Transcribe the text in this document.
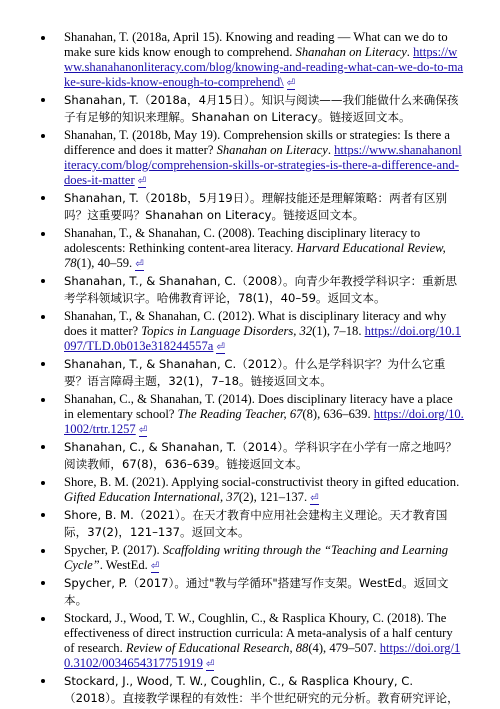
Shanahan, T. (2018a, April 15). Knowing and reading — What can we do to make sure kids know enough to comprehend. Shanahan on Literacy. https://www.shanahanonliteracy.com/blog/knowing-and-reading-what-can-we-do-to-make-sure-kids-know-enough-to-comprehend\ ⏎
Shanahan, T.（2018a，4月15日）。知识与阅读——我们能做什么来确保孩子有足够的知识来理解。Shanahan on Literacy。链接返回文本。
Shanahan, T. (2018b, May 19). Comprehension skills or strategies: Is there a difference and does it matter? Shanahan on Literacy. https://www.shanahanonliteracy.com/blog/comprehension-skills-or-strategies-is-there-a-difference-and-does-it-matter ⏎
Shanahan, T.（2018b，5月19日）。理解技能还是理解策略：两者有区别吗？这重要吗？Shanahan on Literacy。链接返回文本。
Shanahan, T., & Shanahan, C. (2008). Teaching disciplinary literacy to adolescents: Rethinking content-area literacy. Harvard Educational Review, 78(1), 40–59. ⏎
Shanahan, T., & Shanahan, C.（2008）。向青少年教授学科识字：重新思考学科领域识字。哈佛教育评论，78(1)，40–59。返回文本。
Shanahan, T., & Shanahan, C. (2012). What is disciplinary literacy and why does it matter? Topics in Language Disorders, 32(1), 7–18. https://doi.org/10.1097/TLD.0b013e318244557a ⏎
Shanahan, T., & Shanahan, C.（2012）。什么是学科识字？为什么它重要？语言障碍主题，32(1)，7–18。链接返回文本。
Shanahan, C., & Shanahan, T. (2014). Does disciplinary literacy have a place in elementary school? The Reading Teacher, 67(8), 636–639. https://doi.org/10.1002/trtr.1257 ⏎
Shanahan, C., & Shanahan, T.（2014）。学科识字在小学有一席之地吗？阅读教师，67(8)，636–639。链接返回文本。
Shore, B. M. (2021). Applying social-constructivist theory in gifted education. Gifted Education International, 37(2), 121–137. ⏎
Shore, B. M.（2021）。在天才教育中应用社会建构主义理论。天才教育国际，37(2)，121–137。返回文本。
Spycher, P. (2017). Scaffolding writing through the “Teaching and Learning Cycle”. WestEd. ⏎
Spycher, P.（2017）。通过"教与学循环"搭建写作支架。WestEd。返回文本。
Stockard, J., Wood, T. W., Coughlin, C., & Rasplica Khoury, C. (2018). The effectiveness of direct instruction curricula: A meta-analysis of a half century of research. Review of Educational Research, 88(4), 479–507. https://doi.org/10.3102/0034654317751919 ⏎
Stockard, J., Wood, T. W., Coughlin, C., & Rasplica Khoury, C.（2018）。直接教学课程的有效性：半个世纪研究的元分析。教育研究评论，
